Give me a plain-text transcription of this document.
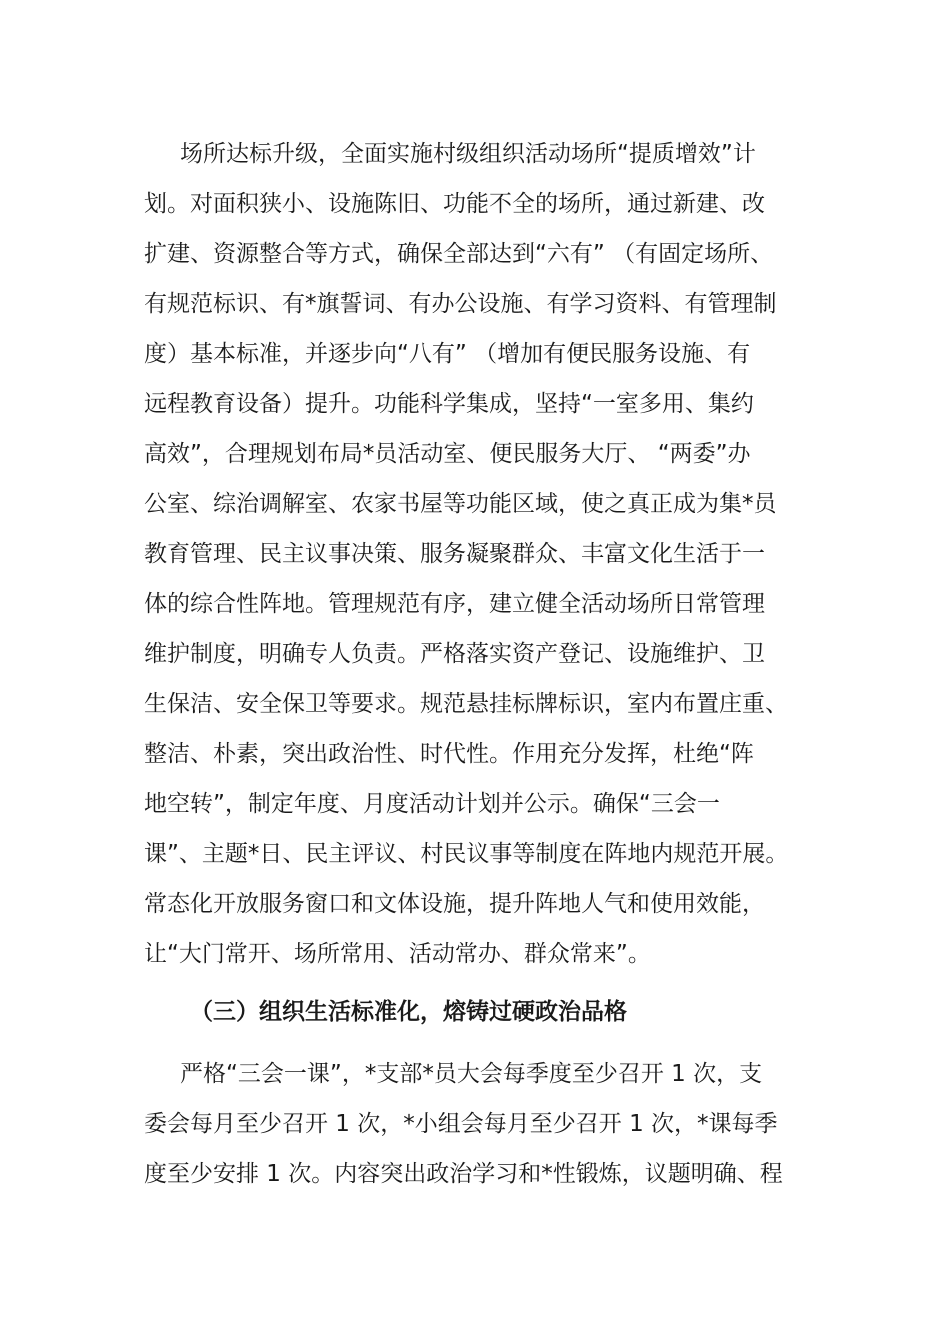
场所达标升级，全面实施村级组织活动场所“提质增效”计
划。对面积狭小、设施陈旧、功能不全的场所，通过新建、改
扩建、资源整合等方式，确保全部达到“六有” （有固定场所、
有规范标识、有*旗誓词、有办公设施、有学习资料、有管理制
度）基本标准，并逐步向“八有” （增加有便民服务设施、有
远程教育设备）提升。功能科学集成，坚持“一室多用、集约
高效”，合理规划布局*员活动室、便民服务大厅、 “两委”办
公室、综治调解室、农家书屋等功能区域，使之真正成为集*员
教育管理、民主议事决策、服务凝聚群众、丰富文化生活于一
体的综合性阵地。管理规范有序，建立健全活动场所日常管理
维护制度，明确专人负责。严格落实资产登记、设施维护、卫
生保洁、安全保卫等要求。规范悬挂标牌标识，室内布置庄重、
整洁、朴素，突出政治性、时代性。作用充分发挥，杜绝“阵
地空转”，制定年度、月度活动计划并公示。确保“三会一
课”、主题*日、民主评议、村民议事等制度在阵地内规范开展。
常态化开放服务窗口和文体设施，提升阵地人气和使用效能，
让“大门常开、场所常用、活动常办、群众常来”。
（三）组织生活标准化，熔铸过硬政治品格
严格“三会一课”，*支部*员大会每季度至少召开 1 次，支
委会每月至少召开 1 次，*小组会每月至少召开 1 次，*课每季
度至少安排 1 次。内容突出政治学习和*性锻炼，议题明确、程
